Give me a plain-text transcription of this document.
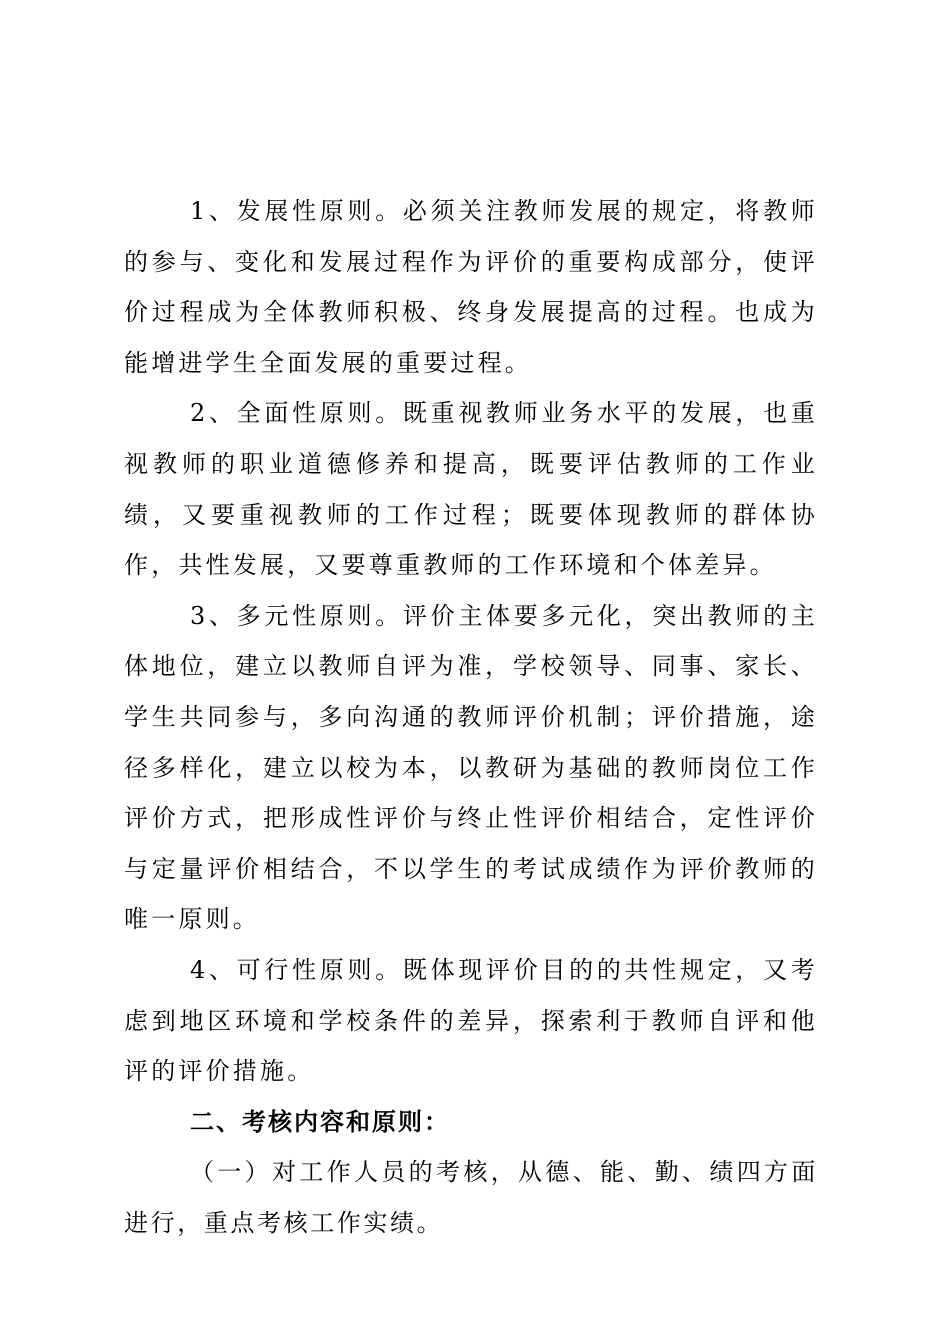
1、发展性原则。必须关注教师发展的规定，将教师的参与、变化和发展过程作为评价的重要构成部分，使评价过程成为全体教师积极、终身发展提高的过程。也成为能增进学生全面发展的重要过程。

2、全面性原则。既重视教师业务水平的发展，也重视教师的职业道德修养和提高，既要评估教师的工作业绩，又要重视教师的工作过程；既要体现教师的群体协作，共性发展，又要尊重教师的工作环境和个体差异。

3、多元性原则。评价主体要多元化，突出教师的主体地位，建立以教师自评为准，学校领导、同事、家长、学生共同参与，多向沟通的教师评价机制；评价措施，途径多样化，建立以校为本，以教研为基础的教师岗位工作评价方式，把形成性评价与终止性评价相结合，定性评价与定量评价相结合，不以学生的考试成绩作为评价教师的唯一原则。

4、可行性原则。既体现评价目的的共性规定，又考虑到地区环境和学校条件的差异，探索利于教师自评和他评的评价措施。

二、考核内容和原则：

（一）对工作人员的考核，从德、能、勤、绩四方面进行，重点考核工作实绩。
